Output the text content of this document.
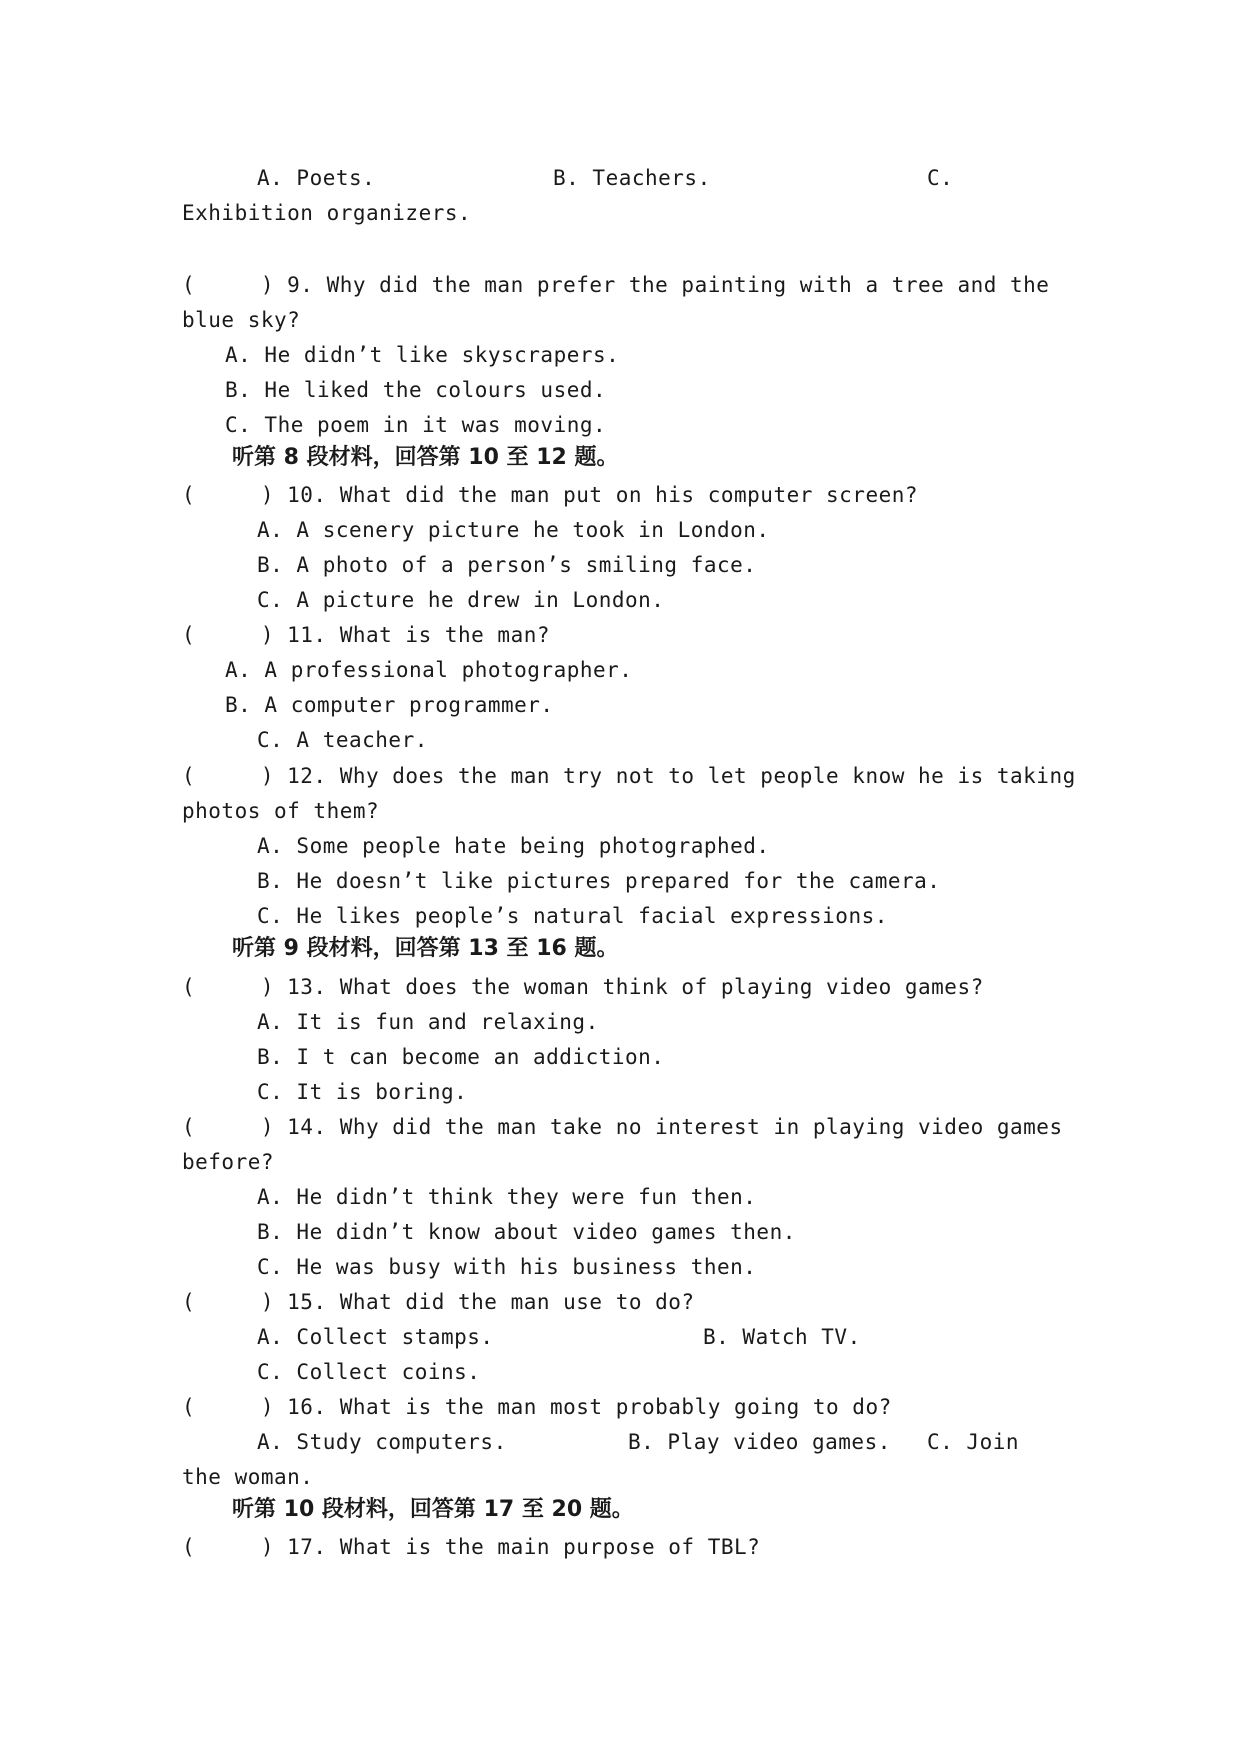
A. Poets.	B. Teachers.	C.
Exhibition organizers.
(     ) 9. Why did the man prefer the painting with a tree and the
blue sky?
A. He didn’t like skyscrapers.
B. He liked the colours used.
C. The poem in it was moving.
听第 8 段材料，回答第 10 至 12 题。
(     ) 10. What did the man put on his computer screen?
A. A scenery picture he took in London.
B. A photo of a person’s smiling face.
C. A picture he drew in London.
(     ) 11. What is the man?
A. A professional photographer.
B. A computer programmer.
C. A teacher.
(     ) 12. Why does the man try not to let people know he is taking
photos of them?
A. Some people hate being photographed.
B. He doesn’t like pictures prepared for the camera.
C. He likes people’s natural facial expressions.
听第 9 段材料，回答第 13 至 16 题。
(     ) 13. What does the woman think of playing video games?
A. It is fun and relaxing.
B. I t can become an addiction.
C. It is boring.
(     ) 14. Why did the man take no interest in playing video games
before?
A. He didn’t think they were fun then.
B. He didn’t know about video games then.
C. He was busy with his business then.
(     ) 15. What did the man use to do?
A. Collect stamps.	B. Watch TV.
C. Collect coins.
(     ) 16. What is the man most probably going to do?
A. Study computers.	B. Play video games. C. Join
the woman.
听第 10 段材料，回答第 17 至 20 题。
(     ) 17. What is the main purpose of TBL?
